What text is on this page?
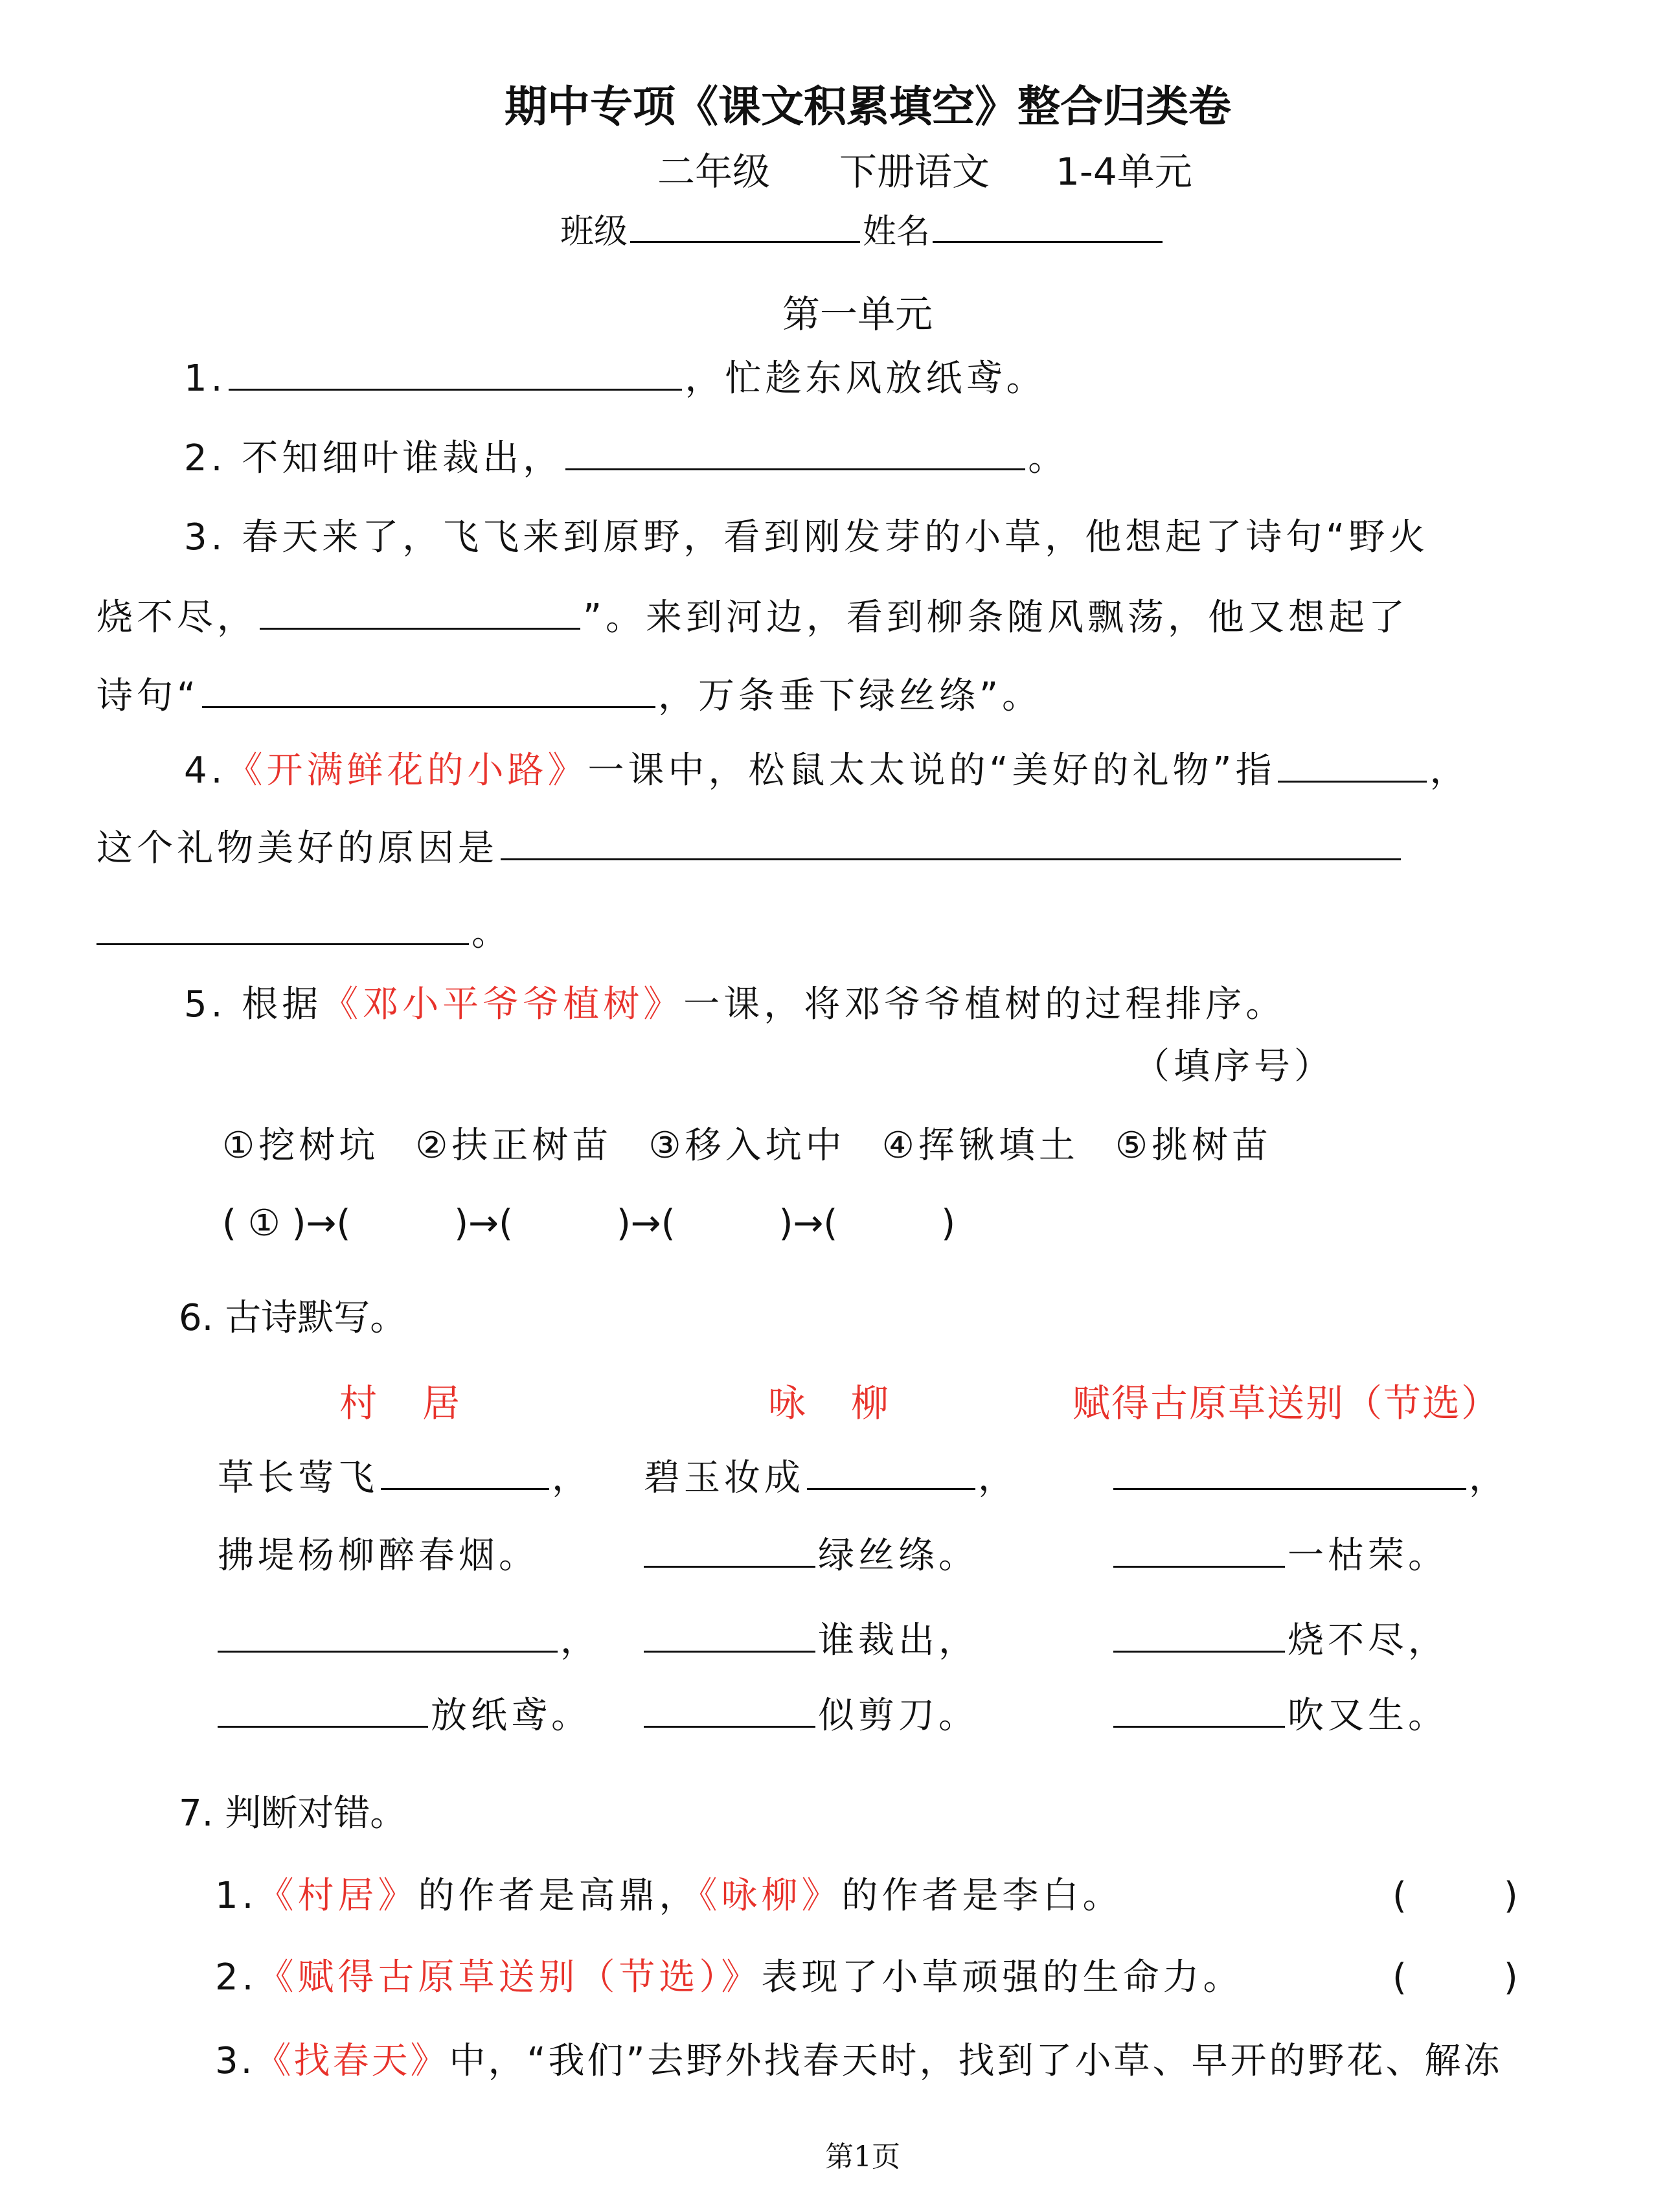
期中专项《课文积累填空》整合归类卷
二年级 下册语文 1-4单元
班级	姓名
第一单元
1.	，忙趁东风放纸鸢。
2. 不知细叶谁裁出，	。
3. 春天来了，飞飞来到原野，看到刚发芽的小草，他想起了诗句“野火
烧不尽，	”。来到河边，看到柳条随风飘荡，他又想起了
诗句“	，万条垂下绿丝绦”。
4.《开满鲜花的小路》一课中，松鼠太太说的“美好的礼物”指	，
这个礼物美好的原因是
。
5. 根据《邓小平爷爷植树》一课，将邓爷爷植树的过程排序。
（填序号）
①挖树坑 ②扶正树苗 ③移入坑中 ④挥锹填土 ⑤挑树苗
( ① )→(	)→(	)→(	)→(	)
6. 古诗默写。
村　居	咏　柳	赋得古原草送别（节选）
草长莺飞	， 碧玉妆成	，	，
拂堤杨柳醉春烟。	绿丝绦。	一枯荣。
，	谁裁出，	烧不尽，
放纸鸢。	似剪刀。	吹又生。
7. 判断对错。
1.《村居》的作者是高鼎，《咏柳》的作者是李白。	(	)
2.《赋得古原草送别（节选）》表现了小草顽强的生命力。	(	)
3.《找春天》中，“我们”去野外找春天时，找到了小草、早开的野花、解冻
第1页
